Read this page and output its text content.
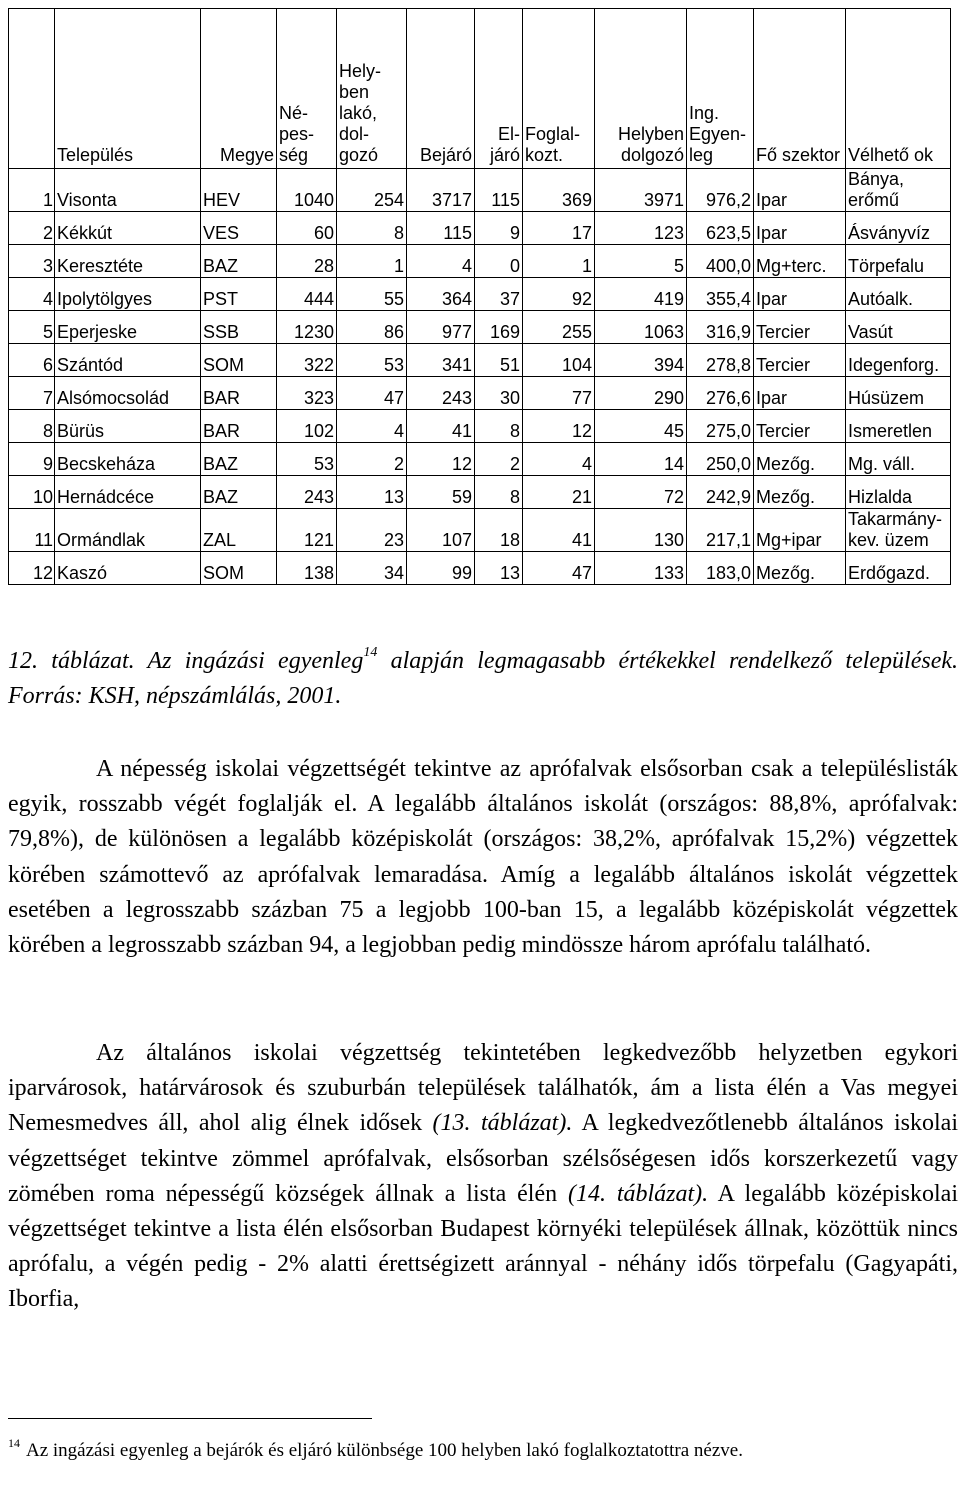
	Település	Megye	Né-pes-ség	Hely-ben lakó, dol-gozó	Bejáró	El-járó	Foglal-kozt.	Helyben dolgozó	Ing. Egyen-leg	Fő szektor	Vélhető ok
1	Visonta	HEV	1040	254	3717	115	369	3971	976,2	Ipar	Bánya, erőmű
2	Kékkút	VES	60	8	115	9	17	123	623,5	Ipar	Ásványvíz
3	Keresztéte	BAZ	28	1	4	0	1	5	400,0	Mg+terc.	Törpefalu
4	Ipolytölgyes	PST	444	55	364	37	92	419	355,4	Ipar	Autóalk.
5	Eperjeske	SSB	1230	86	977	169	255	1063	316,9	Tercier	Vasút
6	Szántód	SOM	322	53	341	51	104	394	278,8	Tercier	Idegenforg.
7	Alsómocsolád	BAR	323	47	243	30	77	290	276,6	Ipar	Húsüzem
8	Bürüs	BAR	102	4	41	8	12	45	275,0	Tercier	Ismeretlen
9	Becskeháza	BAZ	53	2	12	2	4	14	250,0	Mezőg.	Mg. váll.
10	Hernádcéce	BAZ	243	13	59	8	21	72	242,9	Mezőg.	Hizlalda
11	Ormándlak	ZAL	121	23	107	18	41	130	217,1	Mg+ipar	Takarmány-kev. üzem
12	Kaszó	SOM	138	34	99	13	47	133	183,0	Mezőg.	Erdőgazd.
12. táblázat. Az ingázási egyenleg$^{14}$ alapján legmagasabb értékekkel rendelkező települések. Forrás: KSH, népszámlálás, 2001.
A népesség iskolai végzettségét tekintve az aprófalvak elsősorban csak a településlisták egyik, rosszabb végét foglalják el. A legalább általános iskolát (országos: 88,8%, aprófalvak: 79,8%), de különösen a legalább középiskolát (országos: 38,2%, aprófalvak 15,2%) végzettek körében számottevő az aprófalvak lemaradása. Amíg a legalább általános iskolát végzettek esetében a legrosszabb százban 75 a legjobb 100-ban 15, a legalább középiskolát végzettek körében a legrosszabb százban 94, a legjobban pedig mindössze három aprófalu található.
Az általános iskolai végzettség tekintetében legkedvezőbb helyzetben egykori iparvárosok, határvárosok és szuburbán települések találhatók, ám a lista élén a Vas megyei Nemesmedves áll, ahol alig élnek idősek (13. táblázat). A legkedvezőtlenebb általános iskolai végzettséget tekintve zömmel aprófalvak, elsősorban szélsőségesen idős korszerkezetű vagy zömében roma népességű községek állnak a lista élén (14. táblázat). A legalább középiskolai végzettséget tekintve a lista élén elsősorban Budapest környéki települések állnak, közöttük nincs aprófalu, a végén pedig - 2% alatti érettségizett aránnyal - néhány idős törpefalu (Gagyapáti, Iborfia,
$^{14}$ Az ingázási egyenleg a bejárók és eljáró különbsége 100 helyben lakó foglalkoztatottra nézve.
